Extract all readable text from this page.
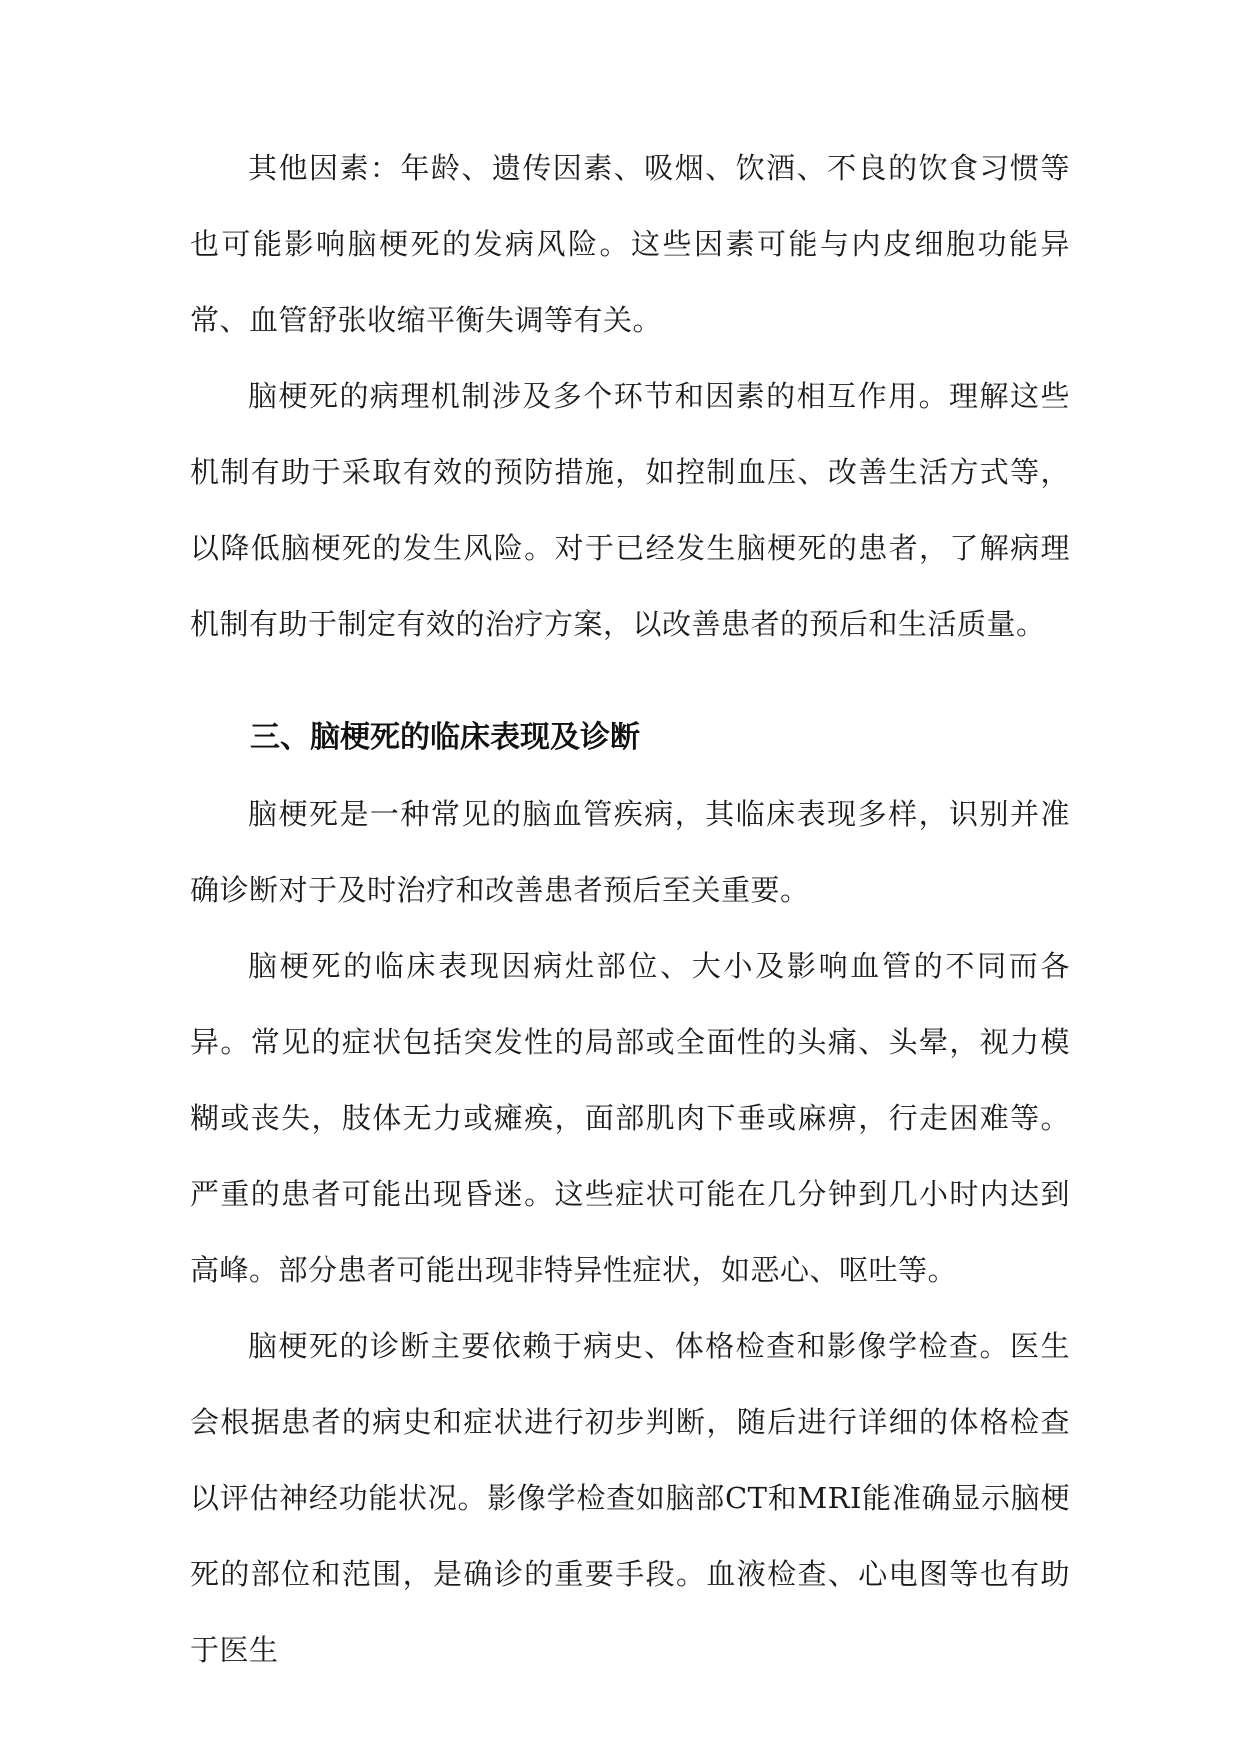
其他因素：年龄、遗传因素、吸烟、饮酒、不良的饮食习惯等也可能影响脑梗死的发病风险。这些因素可能与内皮细胞功能异常、血管舒张收缩平衡失调等有关。

脑梗死的病理机制涉及多个环节和因素的相互作用。理解这些机制有助于采取有效的预防措施，如控制血压、改善生活方式等，以降低脑梗死的发生风险。对于已经发生脑梗死的患者，了解病理机制有助于制定有效的治疗方案，以改善患者的预后和生活质量。

三、脑梗死的临床表现及诊断

脑梗死是一种常见的脑血管疾病，其临床表现多样，识别并准确诊断对于及时治疗和改善患者预后至关重要。

脑梗死的临床表现因病灶部位、大小及影响血管的不同而各异。常见的症状包括突发性的局部或全面性的头痛、头晕，视力模糊或丧失，肢体无力或瘫痪，面部肌肉下垂或麻痹，行走困难等。严重的患者可能出现昏迷。这些症状可能在几分钟到几小时内达到高峰。部分患者可能出现非特异性症状，如恶心、呕吐等。

脑梗死的诊断主要依赖于病史、体格检查和影像学检查。医生会根据患者的病史和症状进行初步判断，随后进行详细的体格检查以评估神经功能状况。影像学检查如脑部CT和MRI能准确显示脑梗死的部位和范围，是确诊的重要手段。血液检查、心电图等也有助于医生
